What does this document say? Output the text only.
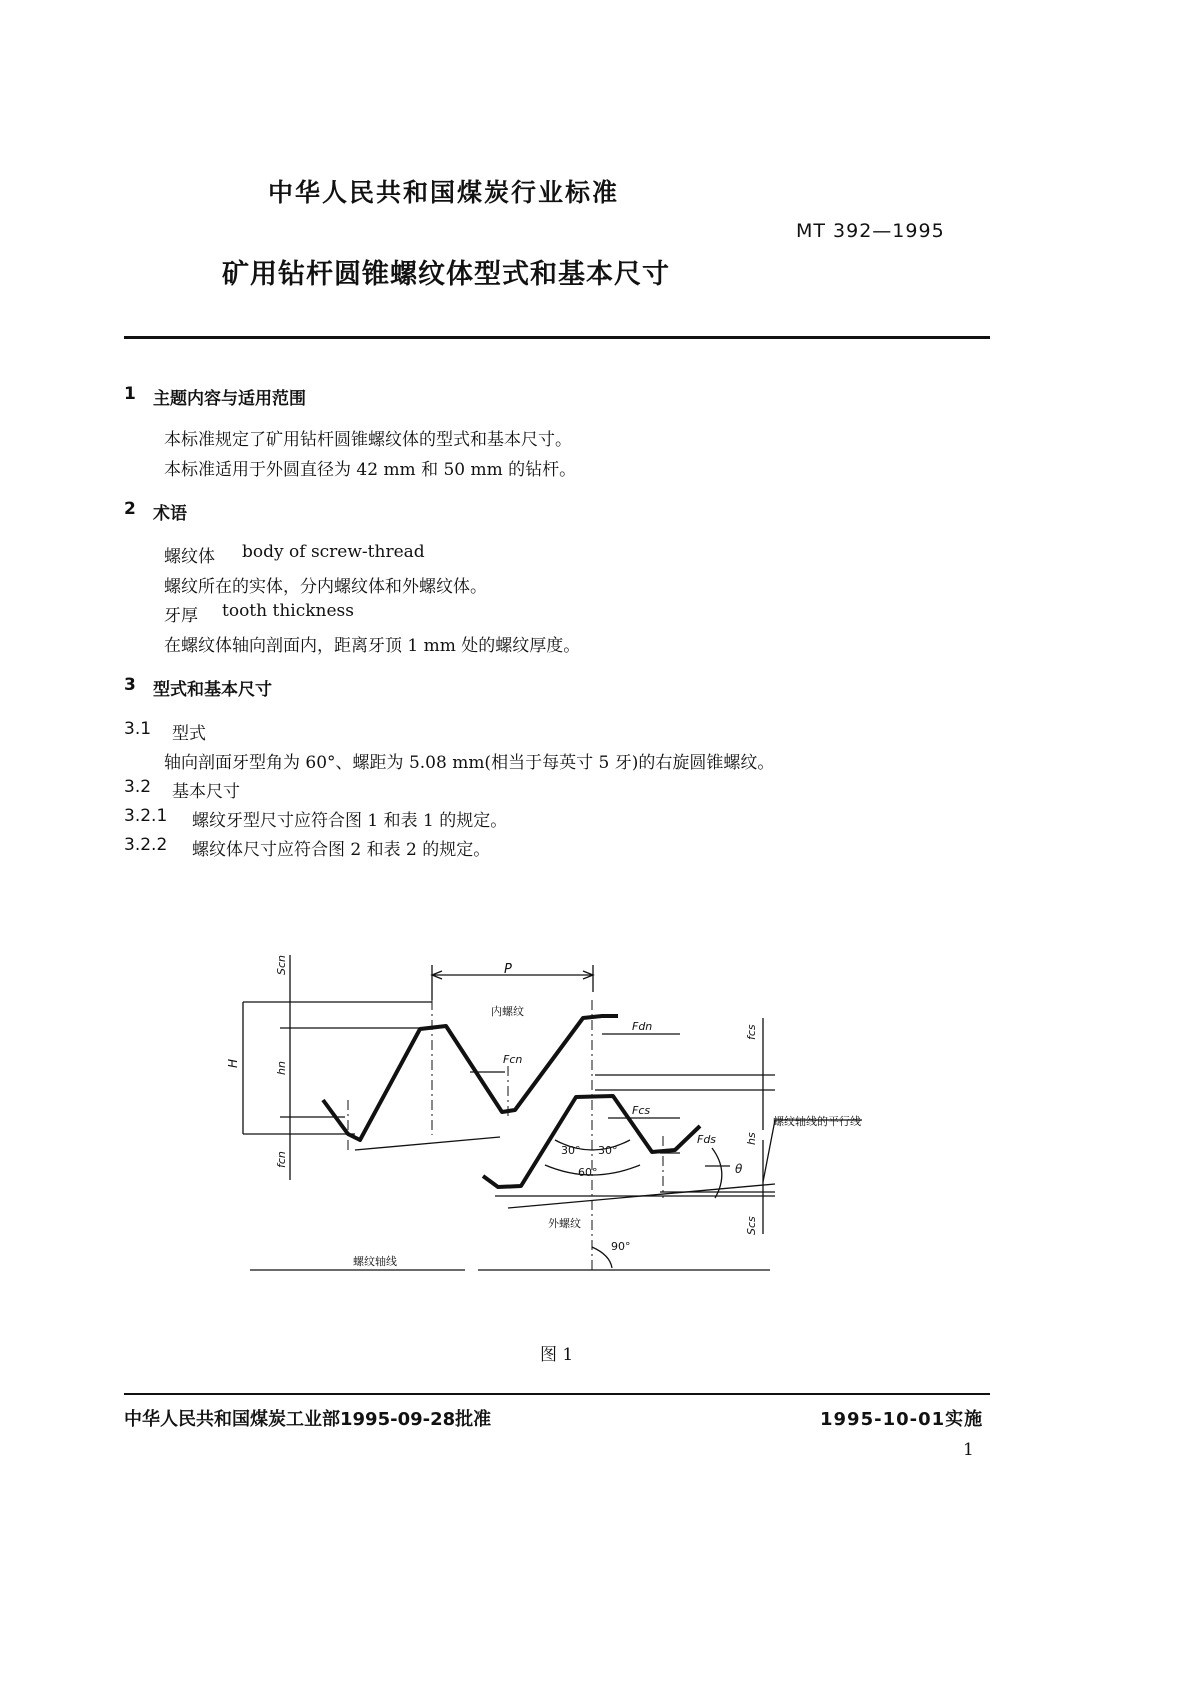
中华人民共和国煤炭行业标准
MT 392—1995
矿用钻杆圆锥螺纹体型式和基本尺寸
1 主题内容与适用范围
本标准规定了矿用钻杆圆锥螺纹体的型式和基本尺寸。
本标准适用于外圆直径为 42 mm 和 50 mm 的钻杆。
2 术语
螺纹体 body of screw-thread
螺纹所在的实体，分内螺纹体和外螺纹体。
牙厚 tooth thickness
在螺纹体轴向剖面内，距离牙顶 1 mm 处的螺纹厚度。
3 型式和基本尺寸
3.1 型式
轴向剖面牙型角为 60°、螺距为 5.08 mm(相当于每英寸 5 牙)的右旋圆锥螺纹。
3.2 基本尺寸
3.2.1 螺纹牙型尺寸应符合图 1 和表 1 的规定。
3.2.2 螺纹体尺寸应符合图 2 和表 2 的规定。
P
内螺纹
外螺纹
螺纹轴线
螺纹轴线的平行线
H	hn
hs
Scn
Scs
fcn
fcs
Fdn
Fcn
Fcs
Fds
30° 30°
60°
90°
θ
图 1
中华人民共和国煤炭工业部1995-09-28批准	1995-10-01实施
1
